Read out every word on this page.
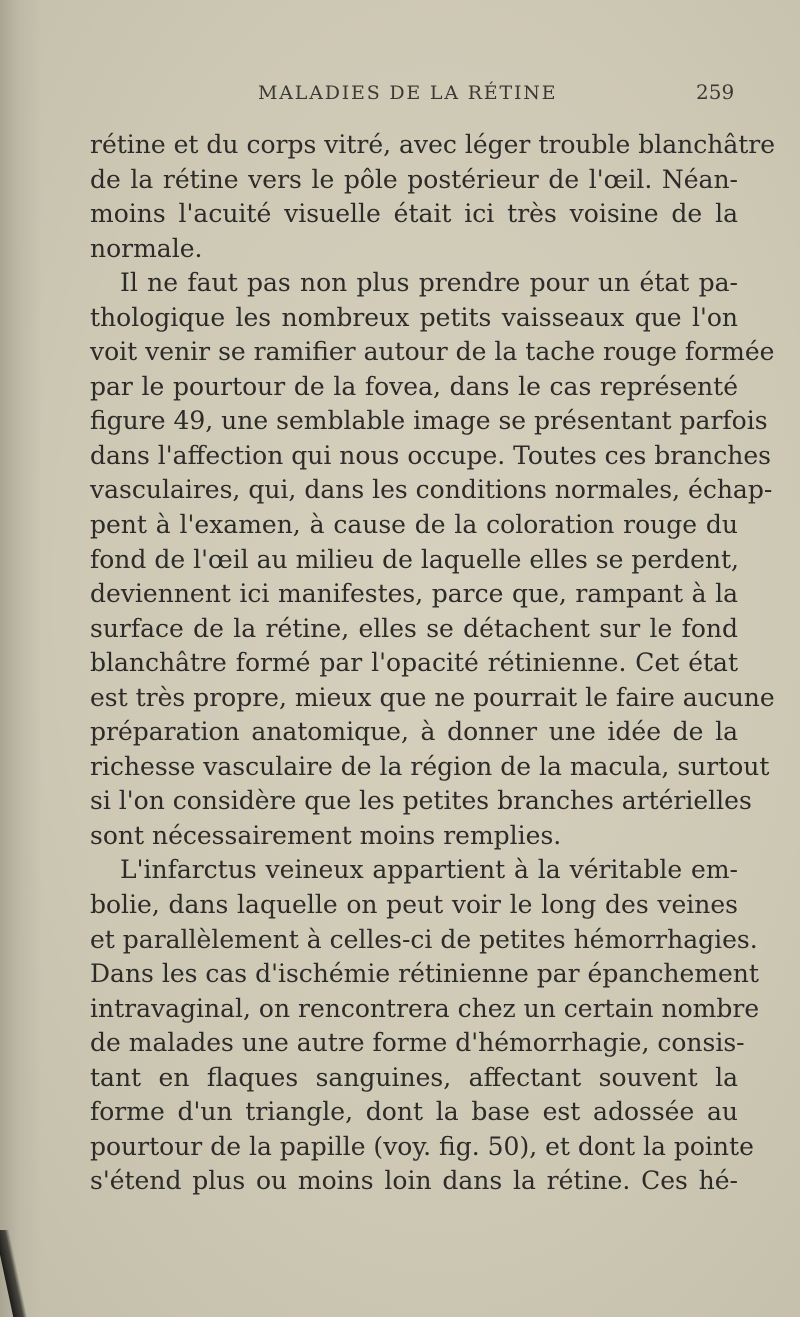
MALADIES DE LA RÉTINE	259
rétine et du corps vitré, avec léger trouble blanchâtre
de la rétine vers le pôle postérieur de l'œil. Néan-
moins l'acuité visuelle était ici très voisine de la
normale.
Il ne faut pas non plus prendre pour un état pa-
thologique les nombreux petits vaisseaux que l'on
voit venir se ramifier autour de la tache rouge formée
par le pourtour de la fovea, dans le cas représenté
figure 49, une semblable image se présentant parfois
dans l'affection qui nous occupe. Toutes ces branches
vasculaires, qui, dans les conditions normales, échap-
pent à l'examen, à cause de la coloration rouge du
fond de l'œil au milieu de laquelle elles se perdent,
deviennent ici manifestes, parce que, rampant à la
surface de la rétine, elles se détachent sur le fond
blanchâtre formé par l'opacité rétinienne. Cet état
est très propre, mieux que ne pourrait le faire aucune
préparation anatomique, à donner une idée de la
richesse vasculaire de la région de la macula, surtout
si l'on considère que les petites branches artérielles
sont nécessairement moins remplies.
L'infarctus veineux appartient à la véritable em-
bolie, dans laquelle on peut voir le long des veines
et parallèlement à celles-ci de petites hémorrhagies.
Dans les cas d'ischémie rétinienne par épanchement
intravaginal, on rencontrera chez un certain nombre
de malades une autre forme d'hémorrhagie, consis-
tant en flaques sanguines, affectant souvent la
forme d'un triangle, dont la base est adossée au
pourtour de la papille (voy. fig. 50), et dont la pointe
s'étend plus ou moins loin dans la rétine. Ces hé-
